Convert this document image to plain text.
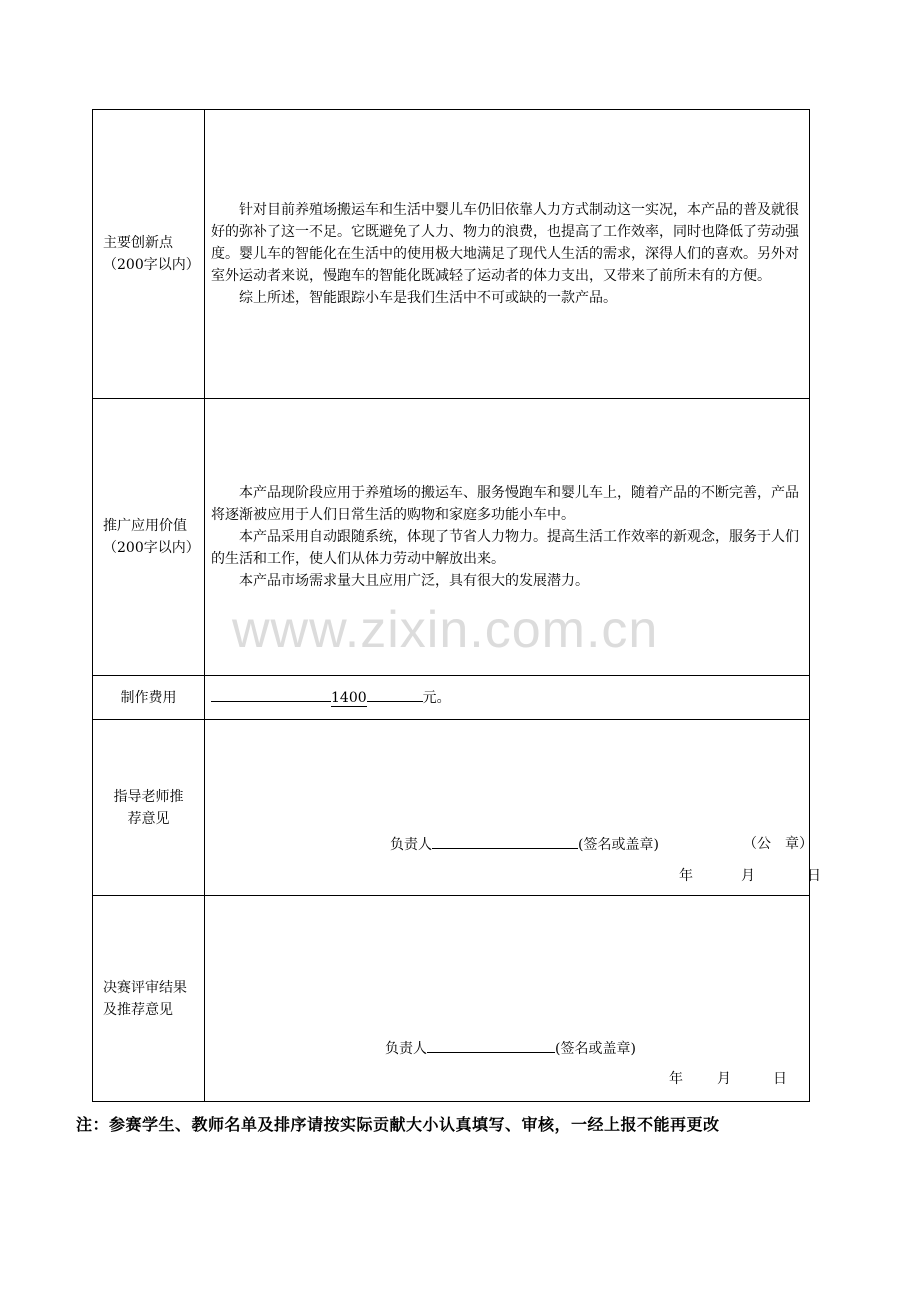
主要创新点（200字以内）	针对目前养殖场搬运车和生活中婴儿车仍旧依靠人力方式制动这一实况，本产品的普及就很好的弥补了这一不足。它既避免了人力、物力的浪费，也提高了工作效率，同时也降低了劳动强度。婴儿车的智能化在生活中的使用极大地满足了现代人生活的需求，深得人们的喜欢。另外对室外运动者来说，慢跑车的智能化既减轻了运动者的体力支出，又带来了前所未有的方便。

综上所述，智能跟踪小车是我们生活中不可或缺的一款产品。

推广应用价值（200字以内）	本产品现阶段应用于养殖场的搬运车、服务慢跑车和婴儿车上，随着产品的不断完善，产品将逐渐被应用于人们日常生活的购物和家庭多功能小车中。

本产品采用自动跟随系统，体现了节省人力物力。提高生活工作效率的新观念，服务于人们的生活和工作，使人们从体力劳动中解放出来。

本产品市场需求量大且应用广泛，具有很大的发展潜力。

制作费用	1400 元。
指导老师推荐意见	负责人 (签名或盖章) （公　章）
年 月 日

决赛评审结果及推荐意见	负责人 (签名或盖章)
年 月 日
www.zixin.com.cn
注：参赛学生、教师名单及排序请按实际贡献大小认真填写、审核，一经上报不能再更改
